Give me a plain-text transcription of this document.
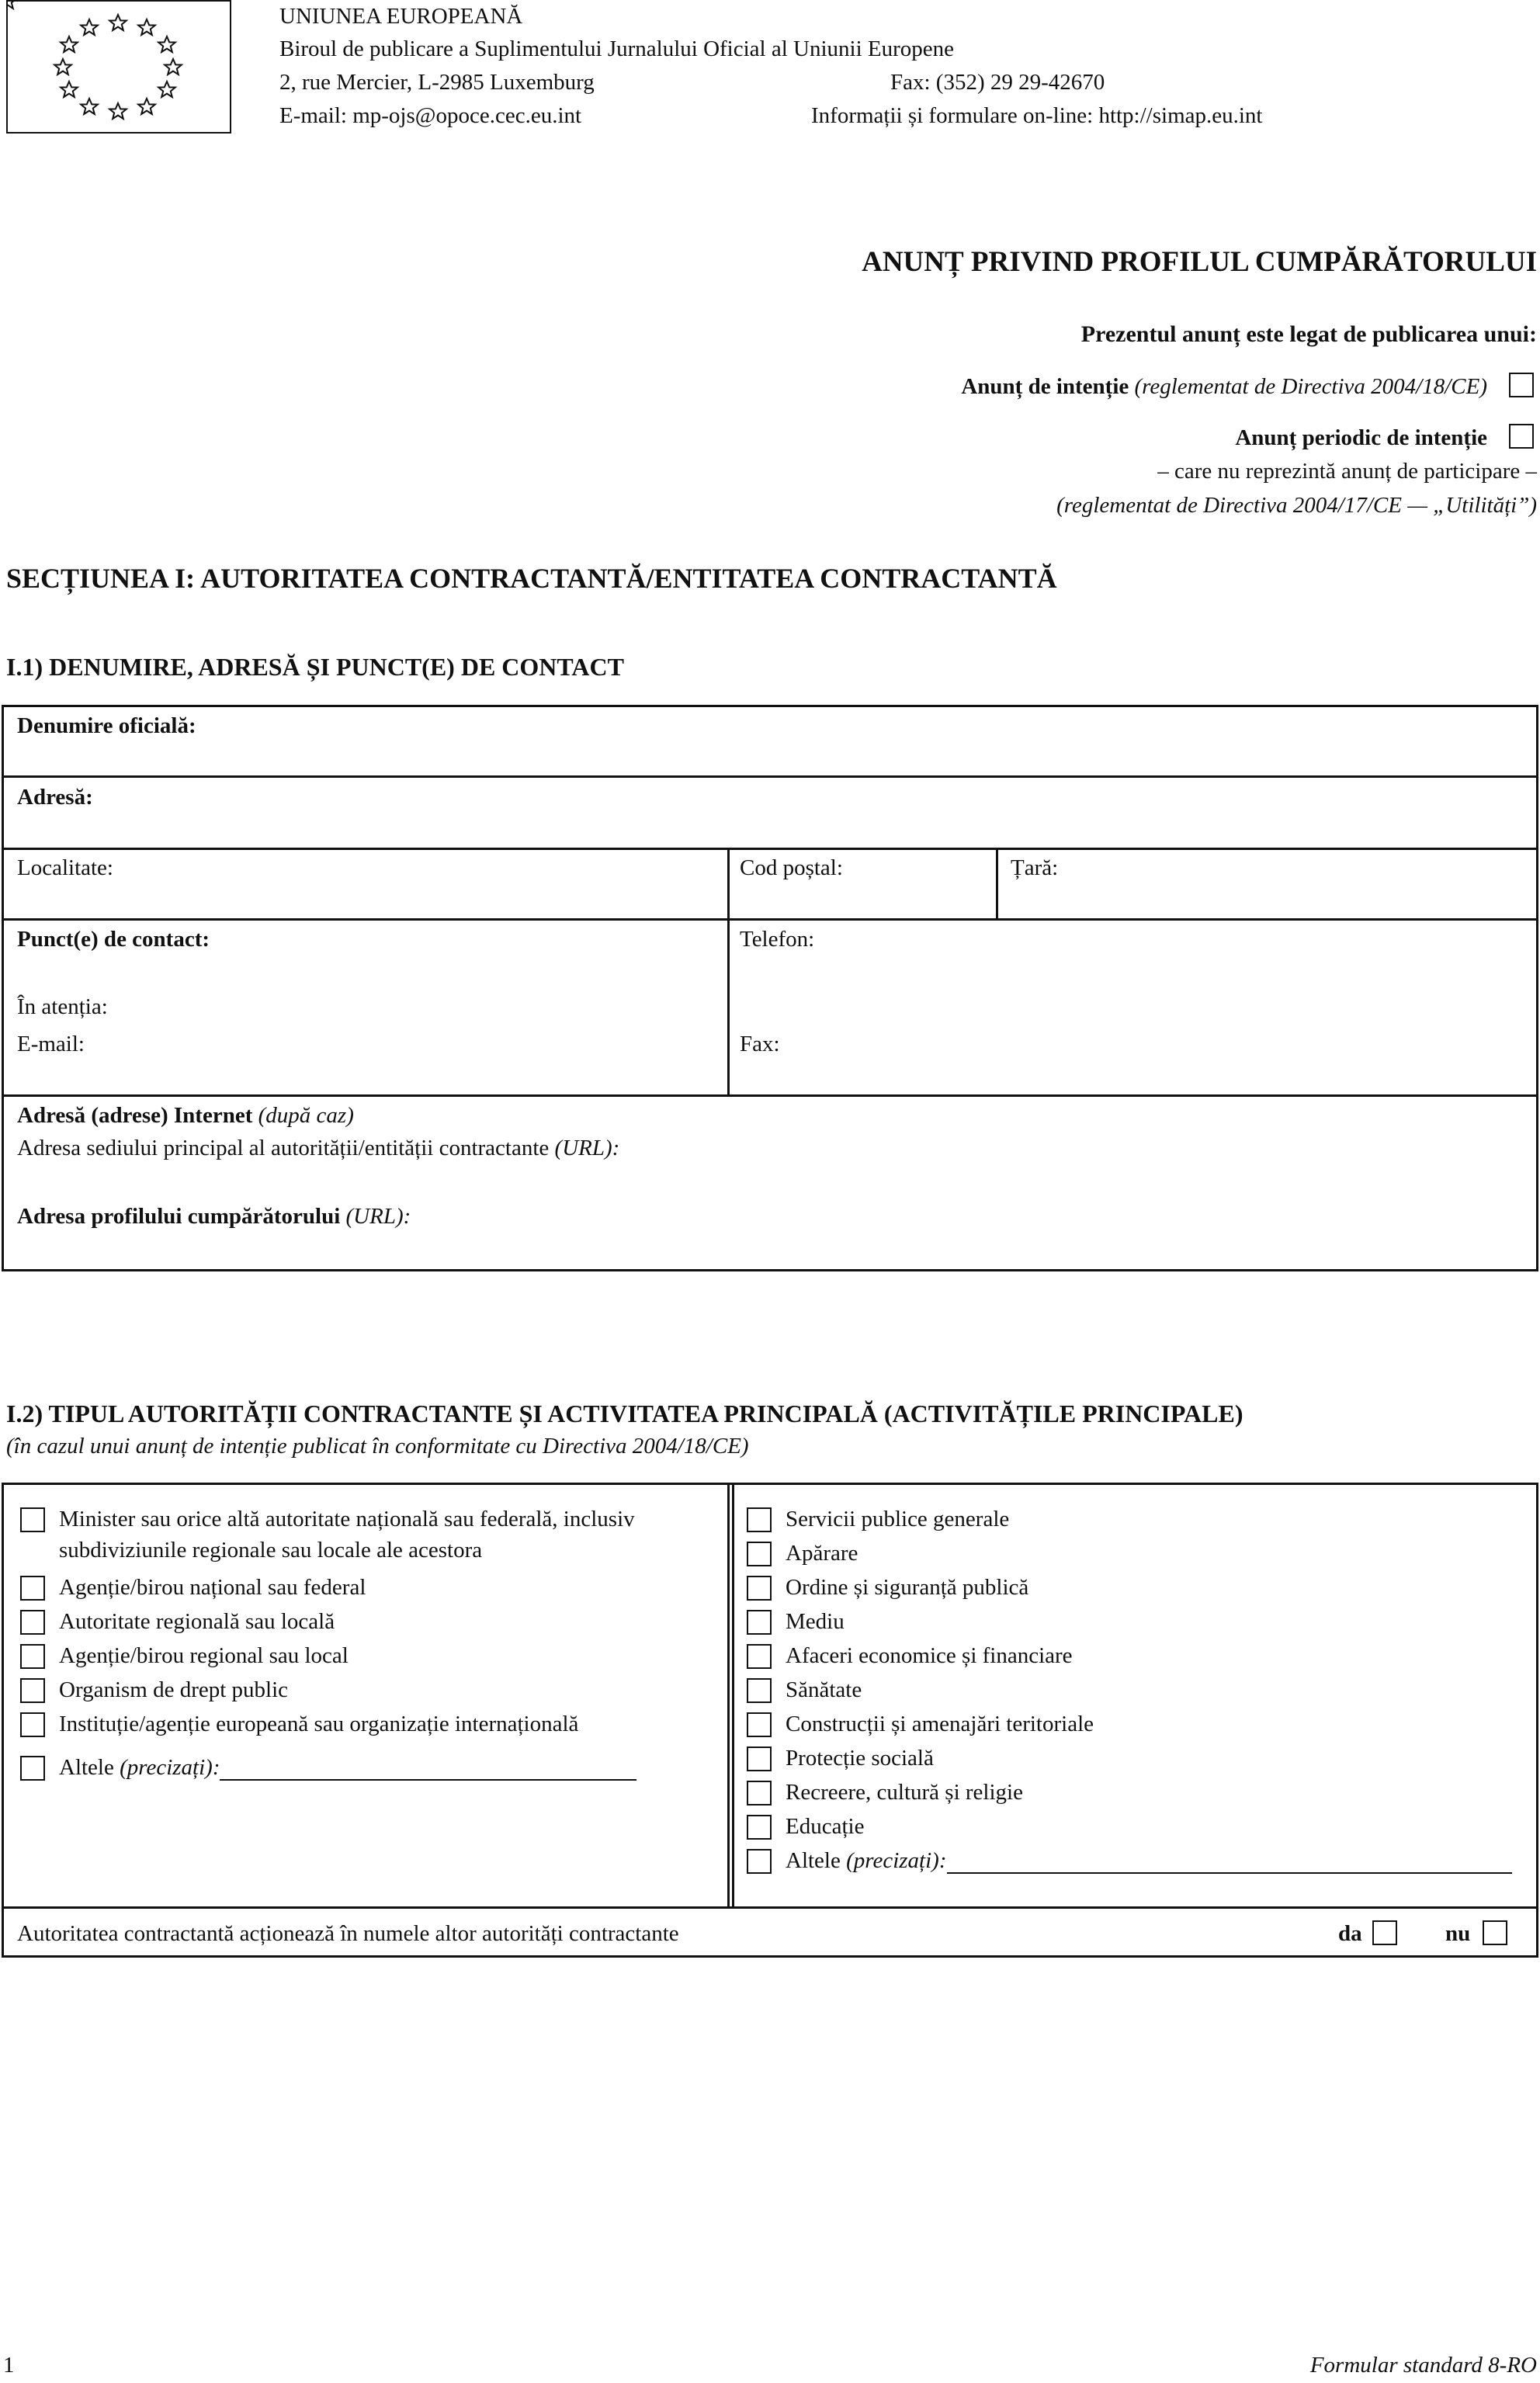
UNIUNEA EUROPEANĂ
Biroul de publicare a Suplimentului Jurnalului Oficial al Uniunii Europene
2, rue Mercier, L-2985 Luxemburg	Fax: (352) 29 29-42670
E-mail: mp-ojs@opoce.cec.eu.int	Informații și formulare on-line: http://simap.eu.int
ANUNȚ PRIVIND PROFILUL CUMPĂRĂTORULUI
Prezentul anunț este legat de publicarea unui:
Anunț de intenție (reglementat de Directiva 2004/18/CE)
Anunț periodic de intenție
– care nu reprezintă anunț de participare –
(reglementat de Directiva 2004/17/CE — „Utilități”)
SECȚIUNEA I: AUTORITATEA CONTRACTANTĂ/ENTITATEA CONTRACTANTĂ
I.1) DENUMIRE, ADRESĂ ȘI PUNCT(E) DE CONTACT
Denumire oficială:
Adresă:
Localitate:	Cod poștal:	Țară:
Punct(e) de contact:	Telefon:
În atenția:
E-mail:	Fax:
Adresă (adrese) Internet (după caz)
Adresa sediului principal al autorității/entității contractante (URL):
Adresa profilului cumpărătorului (URL):
I.2) TIPUL AUTORITĂȚII CONTRACTANTE ȘI ACTIVITATEA PRINCIPALĂ (ACTIVITĂȚILE PRINCIPALE)
(în cazul unui anunț de intenție publicat în conformitate cu Directiva 2004/18/CE)
Minister sau orice altă autoritate națională sau federală, inclusiv
subdiviziunile regionale sau locale ale acestora
Agenție/birou național sau federal
Autoritate regională sau locală
Agenție/birou regional sau local
Organism de drept public
Instituție/agenție europeană sau organizație internațională
Altele (precizați):
Servicii publice generale
Apărare
Ordine și siguranță publică
Mediu
Afaceri economice și financiare
Sănătate
Construcții și amenajări teritoriale
Protecție socială
Recreere, cultură și religie
Educație
Altele (precizați):
Autoritatea contractantă acționează în numele altor autorități contractante	da	nu
1	Formular standard 8-RO
